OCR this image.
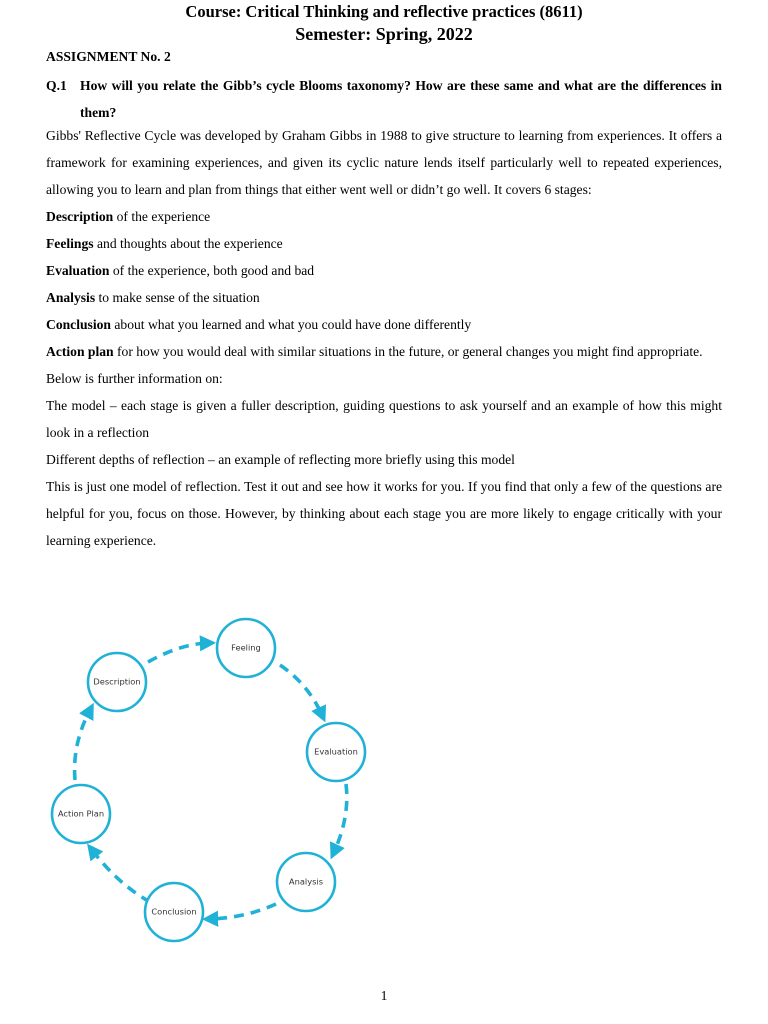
Course: Critical Thinking and reflective practices (8611)
Semester: Spring, 2022
ASSIGNMENT No. 2
Q.1 How will you relate the Gibb’s cycle Blooms taxonomy? How are these same and what are the differences in them?

Gibbs' Reflective Cycle was developed by Graham Gibbs in 1988 to give structure to learning from experiences. It offers a framework for examining experiences, and given its cyclic nature lends itself particularly well to repeated experiences, allowing you to learn and plan from things that either went well or didn’t go well. It covers 6 stages:

Description of the experience

Feelings and thoughts about the experience

Evaluation of the experience, both good and bad

Analysis to make sense of the situation

Conclusion about what you learned and what you could have done differently

Action plan for how you would deal with similar situations in the future, or general changes you might find appropriate.

Below is further information on:

The model – each stage is given a fuller description, guiding questions to ask yourself and an example of how this might look in a reflection

Different depths of reflection – an example of reflecting more briefly using this model

This is just one model of reflection. Test it out and see how it works for you. If you find that only a few of the questions are helpful for you, focus on those. However, by thinking about each stage you are more likely to engage critically with your learning experience.

Description
Feeling
Evaluation
Analysis
Conclusion
Action Plan
1
